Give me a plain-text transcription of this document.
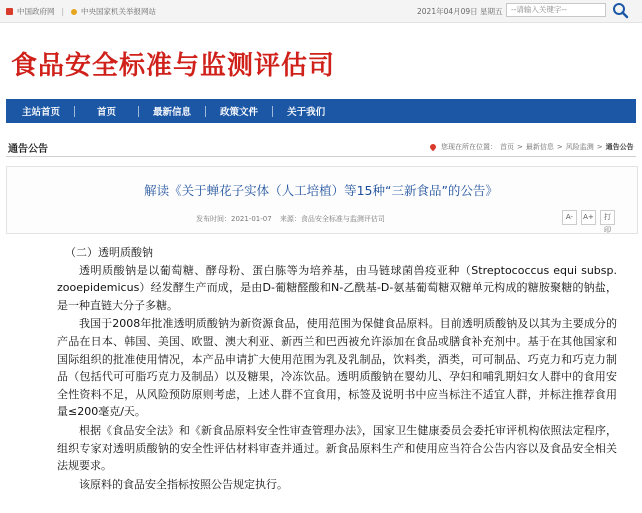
中国政府网 | 中央国家机关举报网站	2021年04月09日 星期五	--请输入关键字--
食品安全标准与监测评估司
主站首页	首页	最新信息	政策文件	关于我们
通告公告	您现在所在位置： 首页 > 最新信息 > 风险监测 > 通告公告
解读《关于蝉花子实体（人工培植）等15种“三新食品”的公告》
发布时间：2021-01-07 来源：食品安全标准与监测评估司	A-	A+	打印

（二）透明质酸钠

透明质酸钠是以葡萄糖、酵母粉、蛋白胨等为培养基，由马链球菌兽疫亚种（Streptococcus equi subsp. zooepidemicus）经发酵生产而成，是由D-葡糖醛酸和N-乙酰基-D-氨基葡萄糖双糖单元构成的糖胺聚糖的钠盐，是一种直链大分子多糖。

我国于2008年批准透明质酸钠为新资源食品，使用范围为保健食品原料。目前透明质酸钠及以其为主要成分的产品在日本、韩国、美国、欧盟、澳大利亚、新西兰和巴西被允许添加在食品或膳食补充剂中。基于在其他国家和国际组织的批准使用情况，本产品申请扩大使用范围为乳及乳制品，饮料类，酒类，可可制品、巧克力和巧克力制品（包括代可可脂巧克力及制品）以及糖果，冷冻饮品。透明质酸钠在婴幼儿、孕妇和哺乳期妇女人群中的食用安全性资料不足，从风险预防原则考虑，上述人群不宜食用，标签及说明书中应当标注不适宜人群，并标注推荐食用量≤200毫克/天。

根据《食品安全法》和《新食品原料安全性审查管理办法》，国家卫生健康委员会委托审评机构依照法定程序，组织专家对透明质酸钠的安全性评估材料审查并通过。新食品原料生产和使用应当符合公告内容以及食品安全相关法规要求。

该原料的食品安全指标按照公告规定执行。
